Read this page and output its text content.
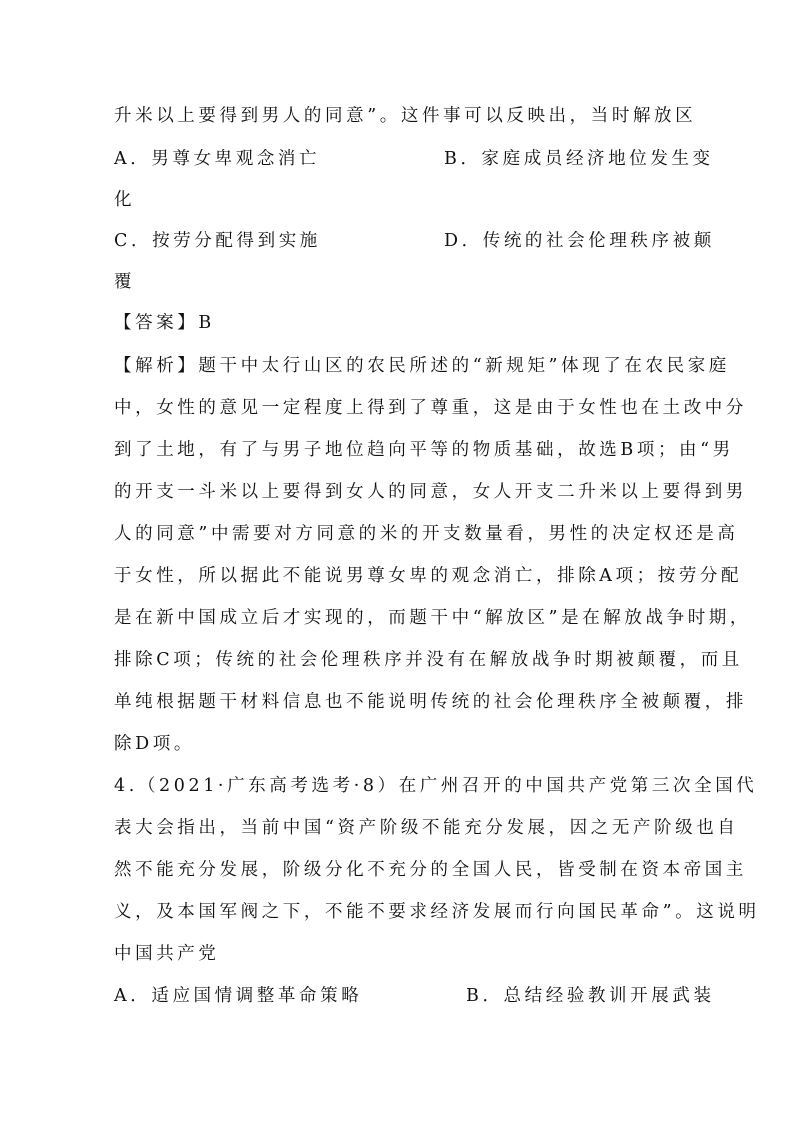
升米以上要得到男人的同意”。这件事可以反映出，当时解放区
A．男尊女卑观念消亡	B．家庭成员经济地位发生变
化
C．按劳分配得到实施	D．传统的社会伦理秩序被颠
覆
【答案】B
【解析】题干中太行山区的农民所述的“新规矩”体现了在农民家庭
中，女性的意见一定程度上得到了尊重，这是由于女性也在土改中分
到了土地，有了与男子地位趋向平等的物质基础，故选B项；由“男
的开支一斗米以上要得到女人的同意，女人开支二升米以上要得到男
人的同意”中需要对方同意的米的开支数量看，男性的决定权还是高
于女性，所以据此不能说男尊女卑的观念消亡，排除A项；按劳分配
是在新中国成立后才实现的，而题干中“解放区”是在解放战争时期，
排除C项；传统的社会伦理秩序并没有在解放战争时期被颠覆，而且
单纯根据题干材料信息也不能说明传统的社会伦理秩序全被颠覆，排
除D项。
4.（2021·广东高考选考·8）在广州召开的中国共产党第三次全国代
表大会指出，当前中国“资产阶级不能充分发展，因之无产阶级也自
然不能充分发展，阶级分化不充分的全国人民，皆受制在资本帝国主
义，及本国军阀之下，不能不要求经济发展而行向国民革命”。这说明
中国共产党
A．适应国情调整革命策略	B．总结经验教训开展武装
